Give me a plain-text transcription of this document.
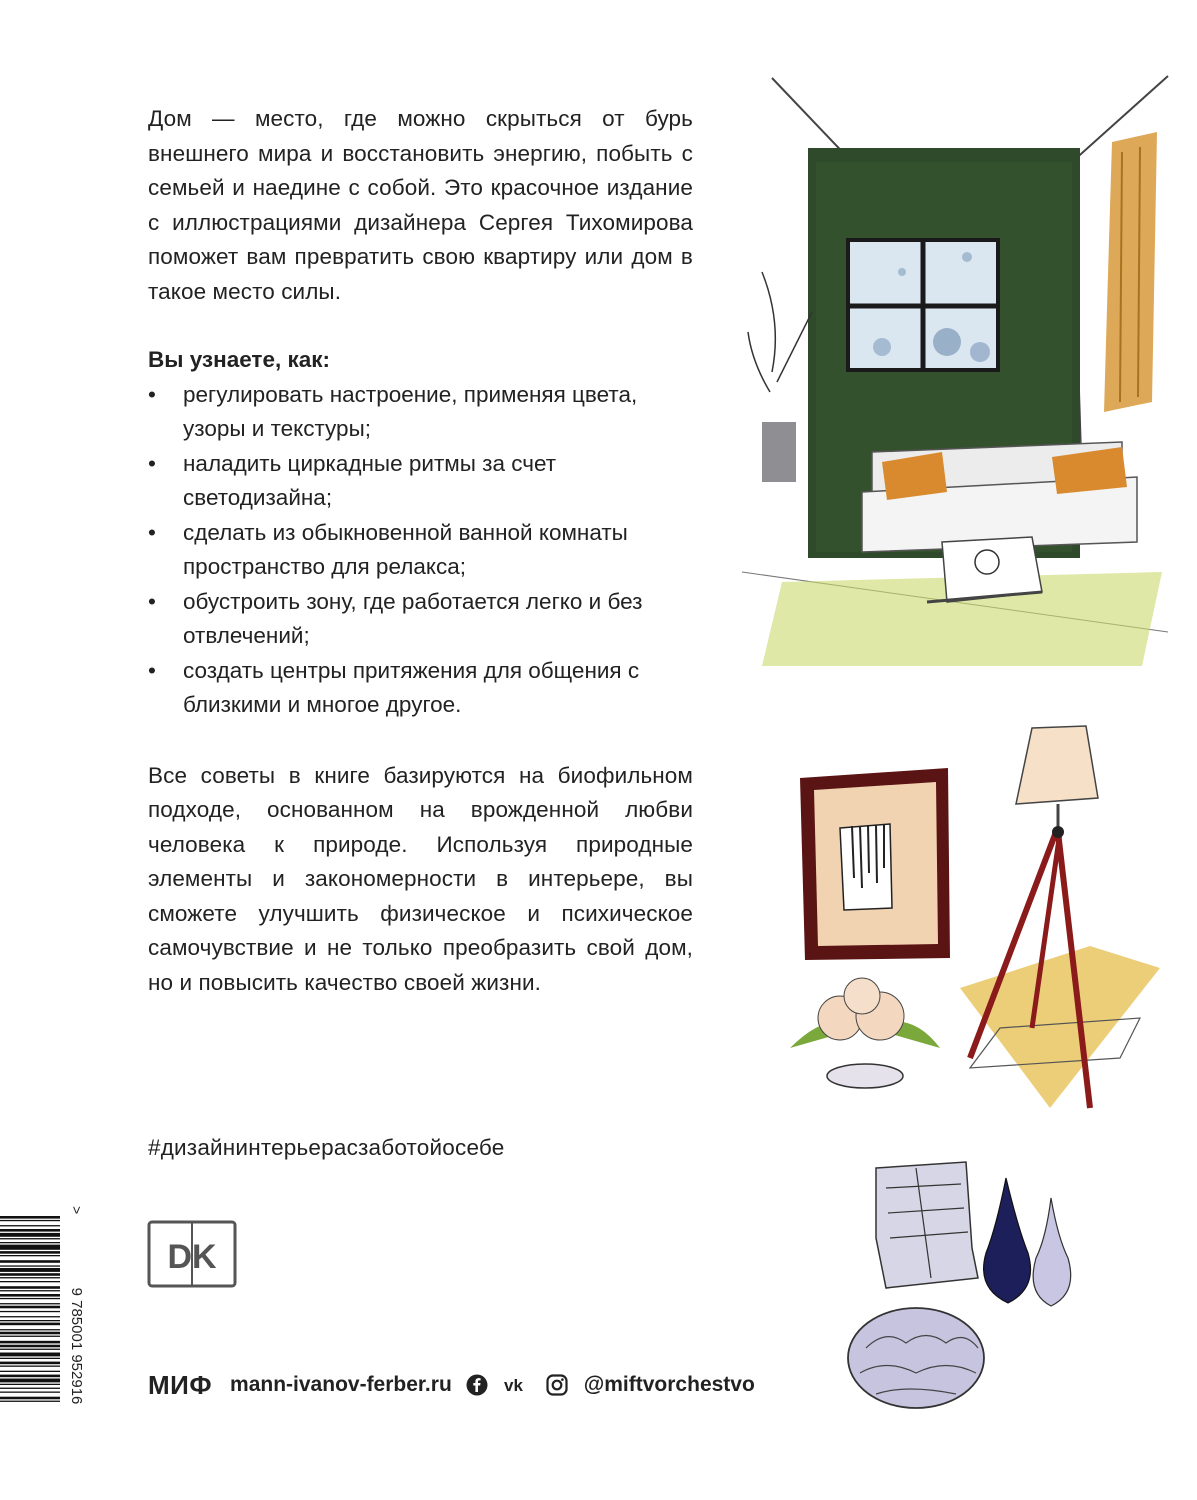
Дом — место, где можно скрыться от бурь внешнего мира и восстановить энергию, побыть с семьей и наедине с собой. Это красочное издание с иллюстрациями дизайнера Сергея Тихомирова поможет вам превратить свою квартиру или дом в такое место силы.

Вы узнаете, как:

• регулировать настроение, применяя цвета, узоры и текстуры;
• наладить циркадные ритмы за счет светодизайна;
• сделать из обыкновенной ванной комнаты пространство для релакса;
• обустроить зону, где работается легко и без отвлечений;
• создать центры притяжения для общения с близкими и многое другое.

Все советы в книге базируются на биофильном подходе, основанном на врожденной любви человека к природе. Используя природные элементы и закономерности в интерьере, вы сможете улучшить физическое и психическое самочувствие и не только преобразить свой дом, но и повысить качество своей жизни.

#дизайнинтерьерасзаботойосебе
DK
9 785001 952916
>
МИФ mann-ivanov-ferber.ru	vk	@miftvorchestvo
